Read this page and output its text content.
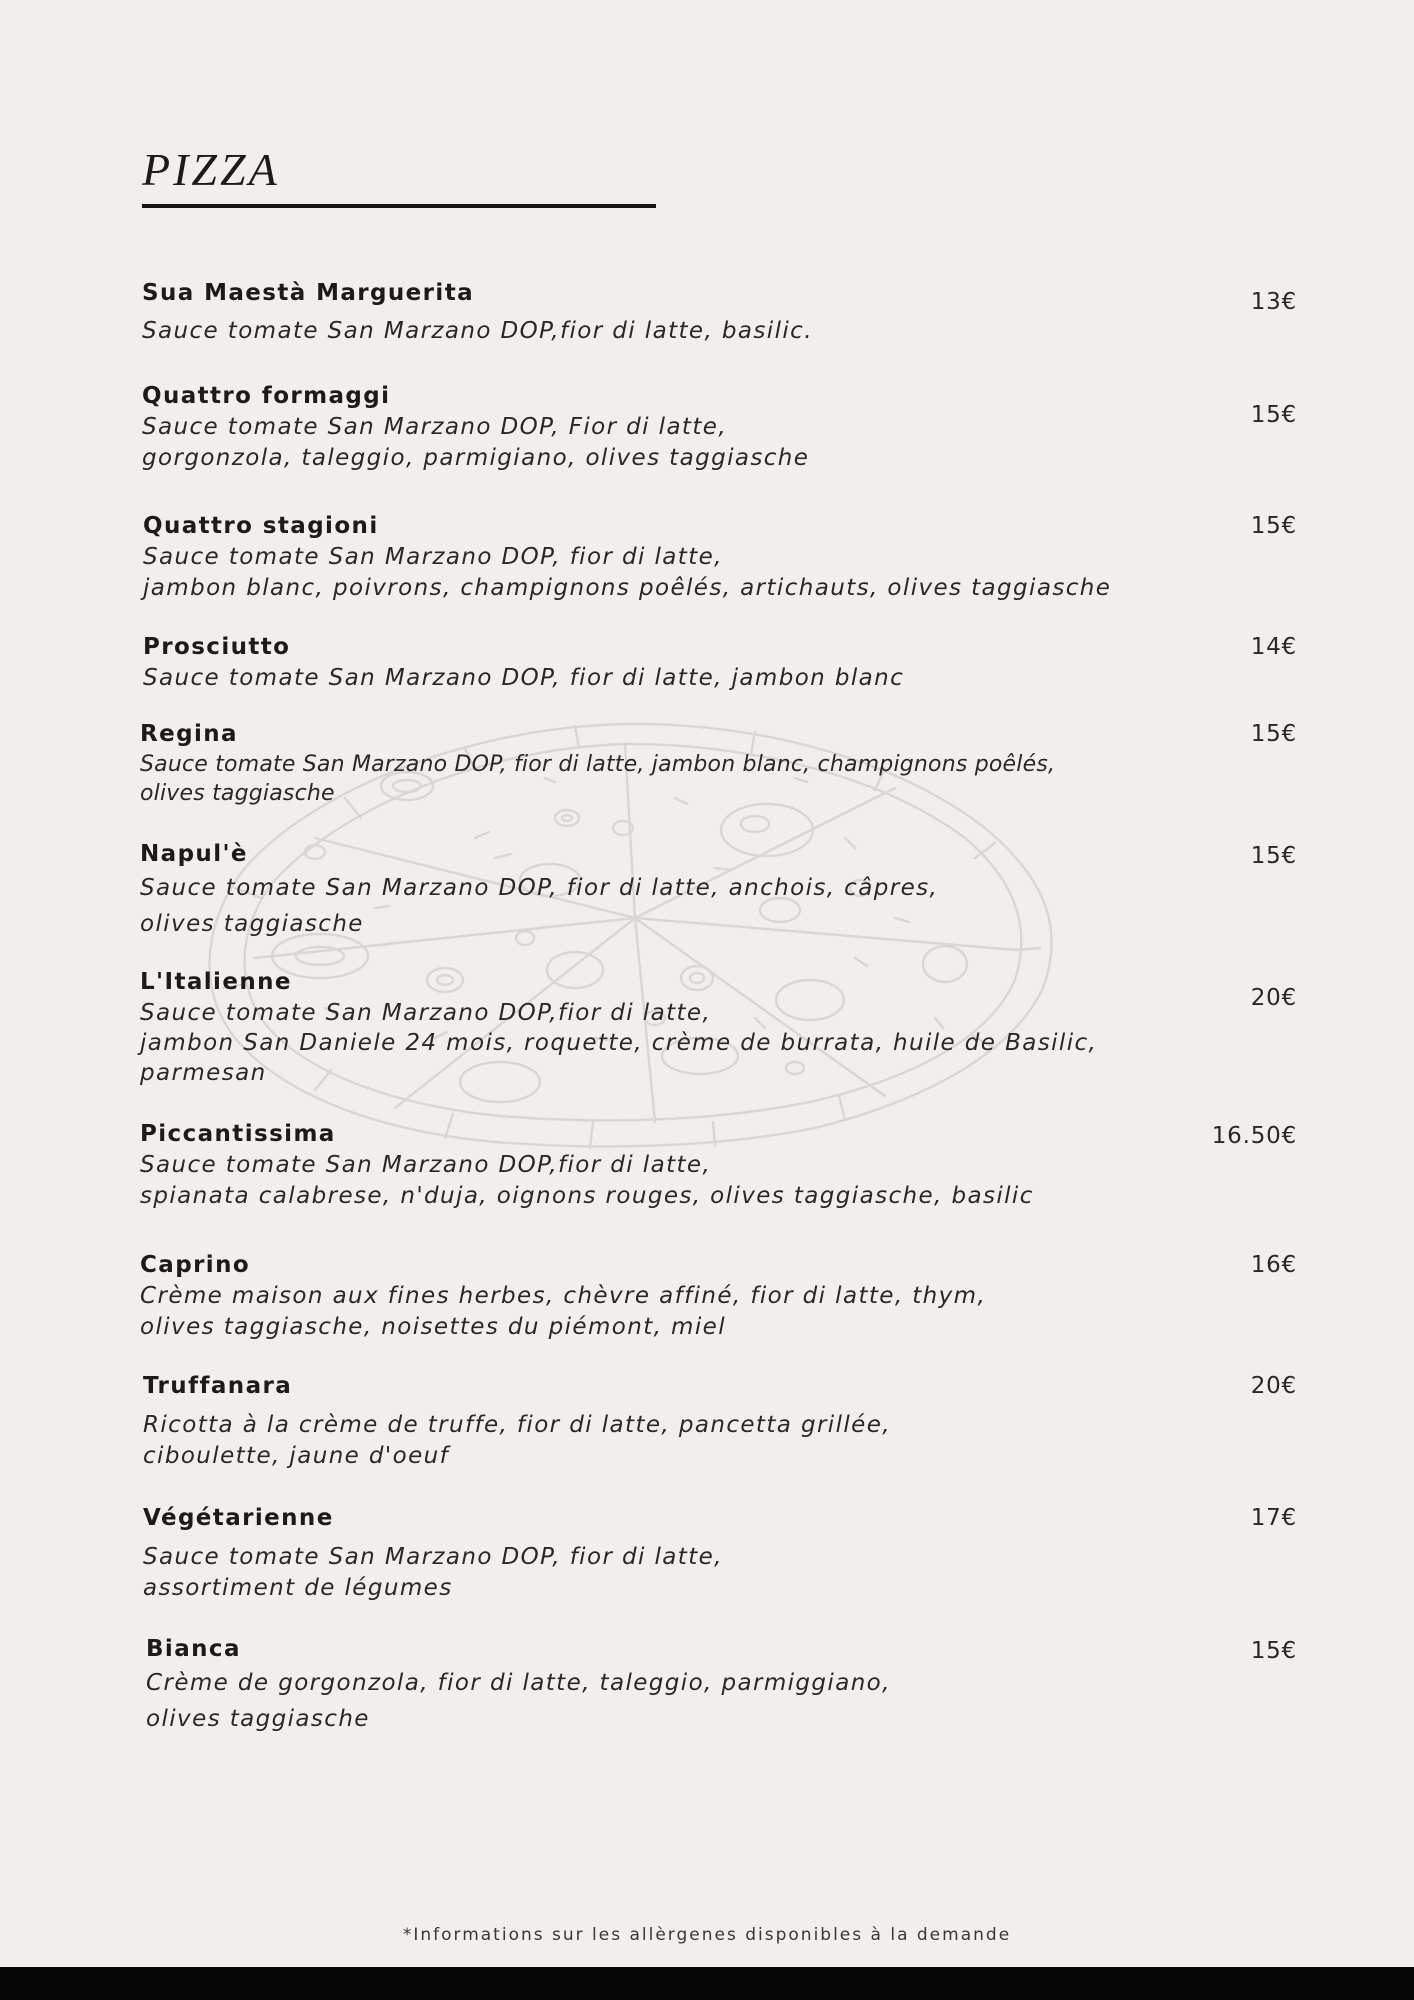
PIZZA
Sua Maestà Marguerita	13€
Sauce tomate San Marzano DOP,fior di latte, basilic.
Quattro formaggi
15€
Sauce tomate San Marzano DOP, Fior di latte,
gorgonzola, taleggio, parmigiano, olives taggiasche
Quattro stagioni	15€
Sauce tomate San Marzano DOP, fior di latte,
jambon blanc, poivrons, champignons poêlés, artichauts, olives taggiasche
Prosciutto	14€
Sauce tomate San Marzano DOP, fior di latte, jambon blanc
Regina	15€
Sauce tomate San Marzano DOP, fior di latte, jambon blanc, champignons poêlés,
olives taggiasche
Napul'è	15€
Sauce tomate San Marzano DOP, fior di latte, anchois, câpres,
olives taggiasche
L'Italienne
20€
Sauce tomate San Marzano DOP,fior di latte,
jambon San Daniele 24 mois, roquette, crème de burrata, huile de Basilic,
parmesan
Piccantissima	16.50€
Sauce tomate San Marzano DOP,fior di latte,
spianata calabrese, n'duja, oignons rouges, olives taggiasche, basilic
Caprino	16€
Crème maison aux fines herbes, chèvre affiné, fior di latte, thym,
olives taggiasche, noisettes du piémont, miel
Truffanara	20€
Ricotta à la crème de truffe, fior di latte, pancetta grillée,
ciboulette, jaune d'oeuf
Végétarienne	17€
Sauce tomate San Marzano DOP, fior di latte,
assortiment de légumes
Bianca	15€
Crème de gorgonzola, fior di latte, taleggio, parmiggiano,
olives taggiasche
*Informations sur les allèrgenes disponibles à la demande
